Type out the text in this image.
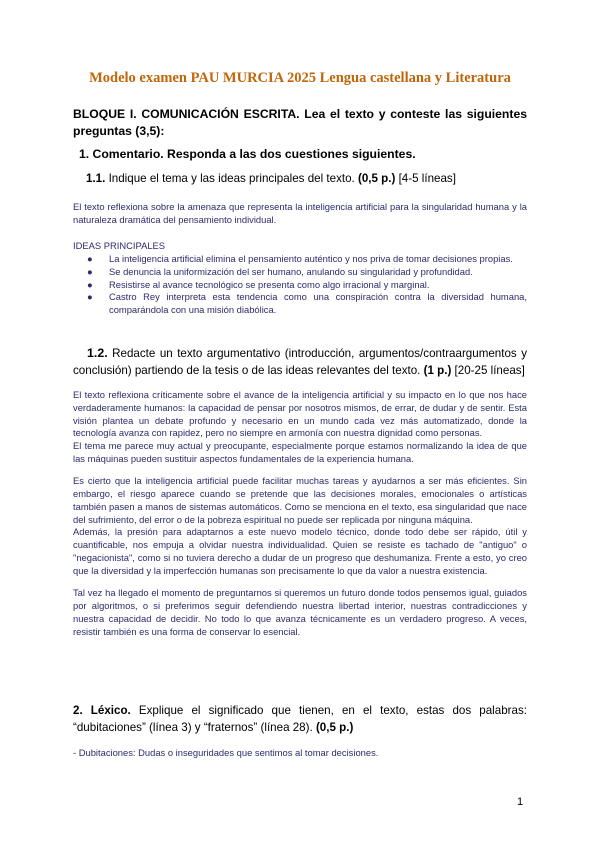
Modelo examen PAU MURCIA 2025 Lengua castellana y Literatura
BLOQUE I. COMUNICACIÓN ESCRITA. Lea el texto y conteste las siguientes preguntas (3,5):
1. Comentario. Responda a las dos cuestiones siguientes.
1.1. Indique el tema y las ideas principales del texto. (0,5 p.) [4-5 líneas]
El texto reflexiona sobre la amenaza que representa la inteligencia artificial para la singularidad humana y la naturaleza dramática del pensamiento individual.
IDEAS PRINCIPALES
● La inteligencia artificial elimina el pensamiento auténtico y nos priva de tomar decisiones propias.
● Se denuncia la uniformización del ser humano, anulando su singularidad y profundidad.
● Resistirse al avance tecnológico se presenta como algo irracional y marginal.
● Castro Rey interpreta esta tendencia como una conspiración contra la diversidad humana, comparándola con una misión diabólica.
1.2. Redacte un texto argumentativo (introducción, argumentos/contraargumentos y conclusión) partiendo de la tesis o de las ideas relevantes del texto. (1 p.) [20-25 líneas]

El texto reflexiona críticamente sobre el avance de la inteligencia artificial y su impacto en lo que nos hace verdaderamente humanos: la capacidad de pensar por nosotros mismos, de errar, de dudar y de sentir. Esta visión plantea un debate profundo y necesario en un mundo cada vez más automatizado, donde la tecnología avanza con rapidez, pero no siempre en armonía con nuestra dignidad como personas.

El tema me parece muy actual y preocupante, especialmente porque estamos normalizando la idea de que las máquinas pueden sustituir aspectos fundamentales de la experiencia humana.

Es cierto que la inteligencia artificial puede facilitar muchas tareas y ayudarnos a ser más eficientes. Sin embargo, el riesgo aparece cuando se pretende que las decisiones morales, emocionales o artísticas también pasen a manos de sistemas automáticos. Como se menciona en el texto, esa singularidad que nace del sufrimiento, del error o de la pobreza espiritual no puede ser replicada por ninguna máquina.

Además, la presión para adaptarnos a este nuevo modelo técnico, donde todo debe ser rápido, útil y cuantificable, nos empuja a olvidar nuestra individualidad. Quien se resiste es tachado de "antiguo" o "negacionista", como si no tuviera derecho a dudar de un progreso que deshumaniza. Frente a esto, yo creo que la diversidad y la imperfección humanas son precisamente lo que da valor a nuestra existencia.

Tal vez ha llegado el momento de preguntarnos si queremos un futuro donde todos pensemos igual, guiados por algoritmos, o si preferimos seguir defendiendo nuestra libertad interior, nuestras contradicciones y nuestra capacidad de decidir. No todo lo que avanza técnicamente es un verdadero progreso. A veces, resistir también es una forma de conservar lo esencial.

2. Léxico. Explique el significado que tienen, en el texto, estas dos palabras: “dubitaciones” (línea 3) y “fraternos” (línea 28). (0,5 p.)
- Dubitaciones: Dudas o inseguridades que sentimos al tomar decisiones.
1
